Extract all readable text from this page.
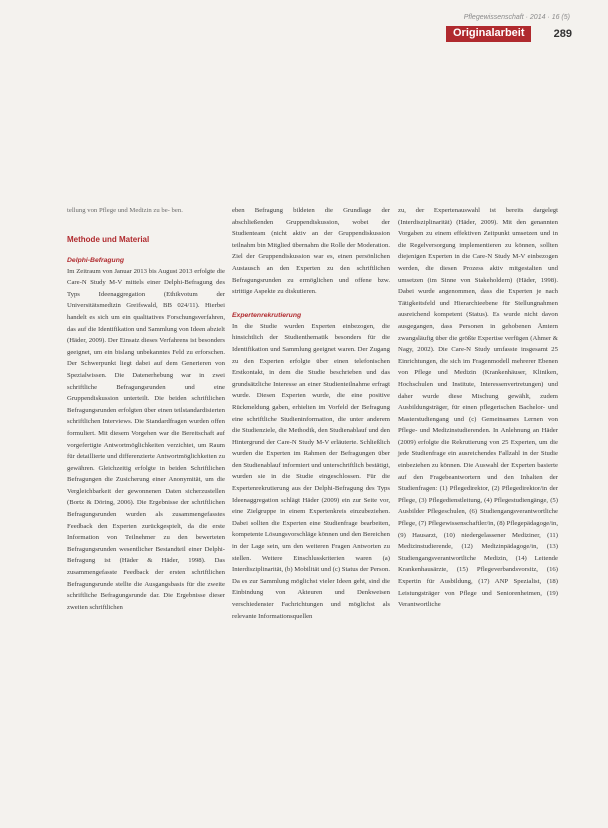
Pflegewissenschaft · 2014 · 16 (5)
Originalarbeit	289

tellung von Pflege und Medizin zu be- ben.

Methode und Material
Delphi-Befragung

Im Zeitraum von Januar 2013 bis August 2013 erfolgte die Care-N Study M-V mittels einer Delphi-Befragung des Typs Ideenaggregation (Ethikvotum der Universitätsmedizin Greifswald, BB 024/11). Hierbei handelt es sich um ein qualitatives Forschungsverfahren, das auf die Identifikation und Sammlung von Ideen abzielt (Häder, 2009). Der Einsatz dieses Verfahrens ist besonders geeignet, um ein bislang unbekanntes Feld zu erforschen. Der Schwerpunkt liegt dabei auf dem Generieren von Spezialwissen. Die Datenerhebung war in zwei schriftliche Befragungsrunden und eine Gruppendiskussion unterteilt. Die beiden schriftlichen Befragungsrunden erfolgten über einen teilstandardisierten schriftlichen Interviews. Die Standardfragen wurden offen formuliert. Mit diesem Vorgehen war die Bereitschaft auf vorgefertigte Antwortmöglichkeiten verzichtet, um Raum für detaillierte und differenzierte Antwortmöglichkeiten zu gewähren. Gleichzeitig erfolgte in beiden Schriftlichen Befragungen die Zusicherung einer Anonymität, um die Vergleichbarkeit der gewonnenen Daten sicherzustellen (Bortz & Döring, 2006). Die Ergebnisse der schriftlichen Befragungsrunden wurden als zusammengefasstes Feedback den Experten zurückgespielt, da die erste Information von Teilnehmer zu den bewerteten Befragungsrunden wesentlicher Bestandteil einer Delphi-Befragung ist (Häder & Häder, 1998). Das zusammengefasste Feedback der ersten schriftlichen Befragungsrunde stellte die Ausgangsbasis für die zweite schriftliche Befragungsrunde dar. Die Ergebnisse dieser zweiten schriftlichen

eben Befragung bildeten die Grundlage der abschließenden Gruppendiskussion, wobei der Studienteam (nicht aktiv an der Gruppendiskussion teilnahm bin Mitglied übernahm die Rolle der Moderation. Ziel der Gruppendiskussion war es, einen persönlichen Austausch an den Experten zu den schriftlichen Befragungsrunden zu ermöglichen und offene bzw. strittige Aspekte zu diskutieren.

Expertenrekrutierung

In die Studie wurden Experten einbezogen, die hinsichtlich der Studienthematik besonders für die Identifikation und Sammlung geeignet waren. Der Zugang zu den Experten erfolgte über einen telefonischen Erstkontakt, in dem die Studie beschrieben und das grundsätzliche Interesse an einer Studienteilnahme erfragt wurde. Diesen Experten wurde, die eine positive Rückmeldung gaben, erhielten im Vorfeld der Befragung eine schriftliche Studieninformation, die unter anderem die Studienziele, die Methodik, den Studienablauf und den Hintergrund der Care-N Study M-V erläuterte. Schließlich wurden die Experten im Rahmen der Befragungen über den Studienablauf informiert und unterschriftlich bestätigt, wurden sie in die Studie eingeschlossen. Für die Expertenrekrutierung aus der Delphi-Befragung des Typs Ideenaggregation schlägt Häder (2009) ein zur Seite vor, eine Zielgruppe in einem Expertenkreis einzubeziehen. Dabei sollten die Experten eine Studienfrage bearbeiten, kompetente Lösungsvorschläge können und den Bereichen in der Lage sein, um den weiteren Fragen Antworten zu stellen. Weitere Einschlusskriterien waren (a) Interdisziplinarität, (b) Mobilität und (c) Status der Person. Da es zur Sammlung möglichst vieler Ideen geht, sind die Einbindung von Akteuren und Denkweisen verschiedenster Fachrichtungen und möglichst als relevante Informationsquellen

zu, der Expertenauswahl ist bereits dargelegt (Interdisziplinarität) (Häder, 2009). Mit den genannten Vorgaben zu einem effektiven Zeitpunkt umsetzen und in die Regelversorgung implementieren zu können, sollten diejenigen Experten in die Care-N Study M-V einbezogen werden, die diesen Prozess aktiv mitgestalten und umsetzen (im Sinne von Stakeholdern) (Häder, 1998). Dabei wurde angenommen, dass die Experten je nach Tätigkeitsfeld und Hierarchieebene für Stellungnahmen ausreichend kompetent (Status). Es wurde nicht davon ausgegangen, dass Personen in gehobenen Ämtern zwangsläufig über die größte Expertise verfügen (Ahmer & Nagy, 2002). Die Care-N Study umfasste insgesamt 25 Einrichtungen, die sich im Fragenmodell mehrerer Ebenen von Pflege und Medizin (Krankenhäuser, Kliniken, Hochschulen und Institute, Interessenvertretungen) und daher wurde diese Mischung gewählt, zudem Ausbildungsträger, für einen pflegerischen Bachelor- und Masterstudiengang und (c) Gemeinsames Lernen von Pflege- und Medizinstudierenden. In Anlehnung an Häder (2009) erfolgte die Rekrutierung von 25 Experten, um die jede Studienfrage ein ausreichendes Fallzahl in der Studie einbeziehen zu können. Die Auswahl der Experten basierte auf den Fragebeantwortern und den Inhalten der Studienfragen: (1) Pflegedirektor, (2) Pflegedirektor/in der Pflege, (3) Pflegedienstleitung, (4) Pflegestudiengänge, (5) Ausbilder Pflegeschulen, (6) Studiengangsverantwortliche Pflege, (7) Pflegewissenschaftler/in, (8) Pflegepädagoge/in, (9) Hausarzt, (10) niedergelassener Mediziner, (11) Medizinstudierende, (12) Medizinpädagoge/in, (13) Studiengangsverantwortliche Medizin, (14) Leitende Krankenhausärzte, (15) Pflegeverbandsvorsitz, (16) Expertin für Ausbildung, (17) ANP Spezialist, (18) Leistungsträger von Pflege und Seniorenheimen, (19) Verantwortliche
